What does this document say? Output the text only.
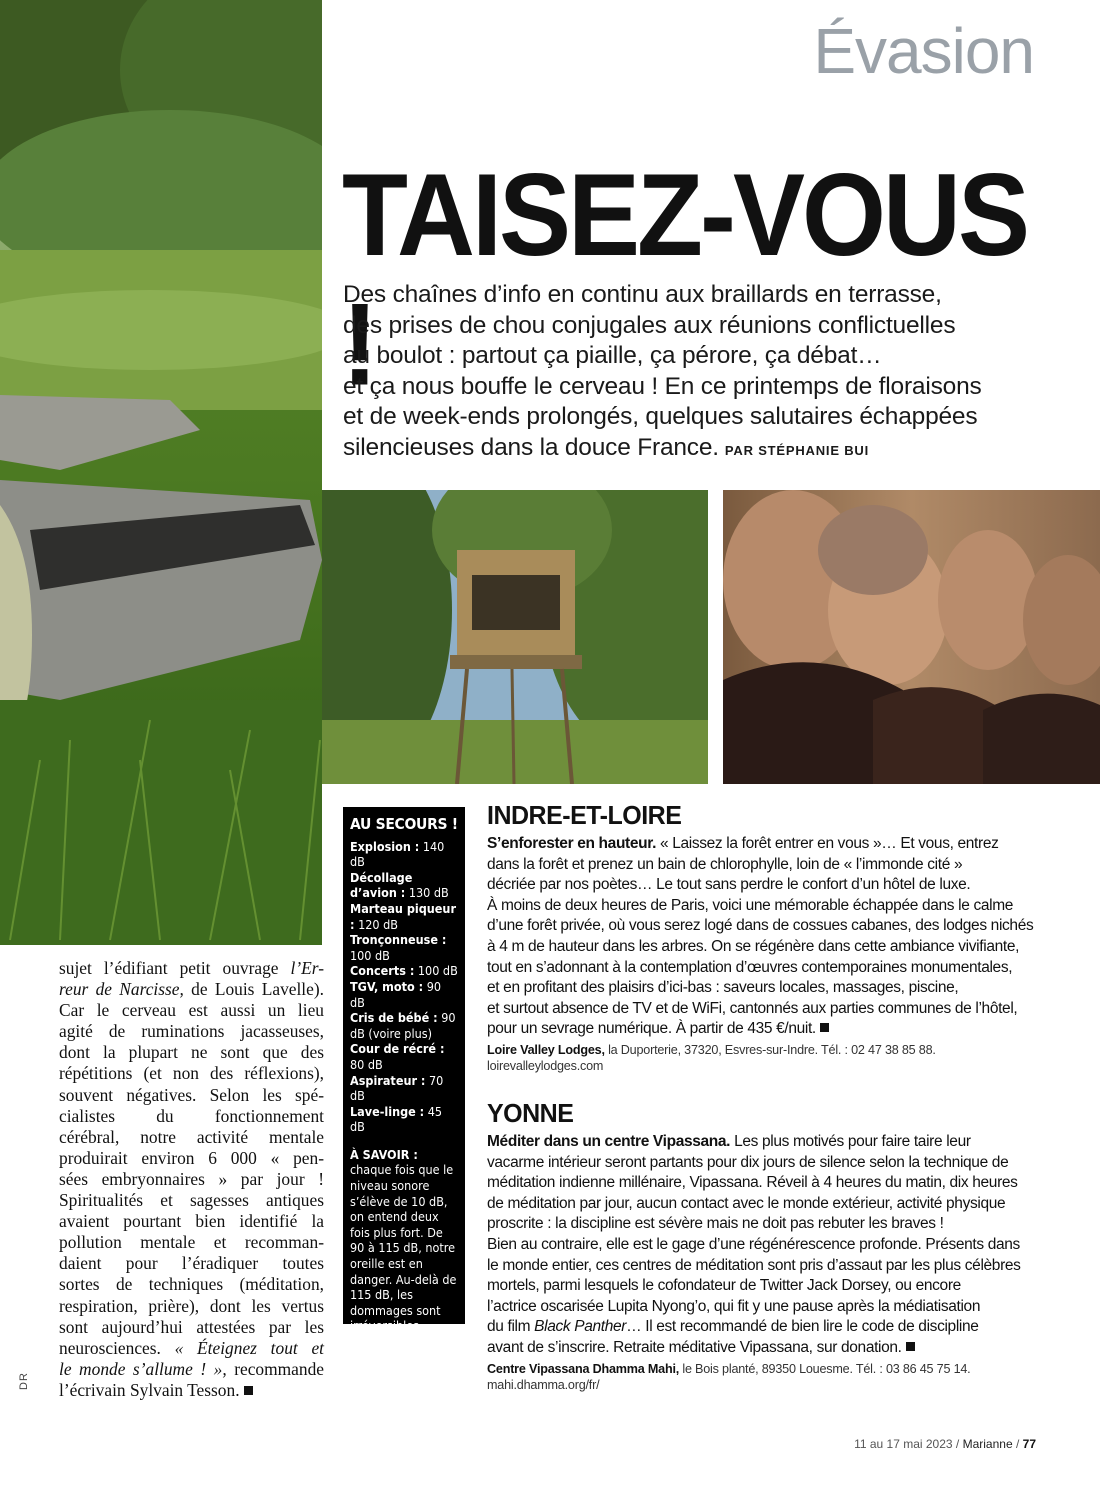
DR
Évasion
TAISEZ-VOUS !
Des chaînes d’info en continu aux braillards en terrasse,
des prises de chou conjugales aux réunions conflictuelles
au boulot : partout ça piaille, ça pérore, ça débat…
et ça nous bouffe le cerveau ! En ce printemps de floraisons
et de week-ends prolongés, quelques salutaires échappées
silencieuses dans la douce France. PAR STÉPHANIE BUI
sujet l’édifiant petit ouvrage l’Er-
reur de Narcisse, de Louis Lavelle).
Car le cerveau est aussi un lieu
agité de ruminations jacasseuses,
dont la plupart ne sont que des
répétitions (et non des réflexions),
souvent négatives. Selon les spé-
cialistes du fonctionnement
cérébral, notre activité mentale
produirait environ 6 000 « pen-
sées embryonnaires » par jour !
Spiritualités et sagesses antiques
avaient pourtant bien identifié la
pollution mentale et recomman-
daient pour l’éradiquer toutes
sortes de techniques (méditation,
respiration, prière), dont les vertus
sont aujourd’hui attestées par les
neurosciences. « Éteignez tout et
le monde s’allume ! », recommande
l’écrivain Sylvain Tesson.
AU SECOURS !
Explosion : 140 dB
Décollage d’avion : 130 dB
Marteau piqueur : 120 dB
Tronçonneuse : 100 dB
Concerts : 100 dB
TGV, moto : 90 dB
Cris de bébé : 90 dB (voire plus)
Cour de récré : 80 dB
Aspirateur : 70 dB
Lave-linge : 45 dB
À SAVOIR : chaque fois que le niveau sonore s’élève de 10 dB, on entend deux fois plus fort. De 90 à 115 dB, notre oreille est en danger. Au-delà de 115 dB, les dommages sont irréversibles.
INDRE-ET-LOIRE
S’enforester en hauteur. « Laissez la forêt entrer en vous »… Et vous, entrez
dans la forêt et prenez un bain de chlorophylle, loin de « l’immonde cité »
décriée par nos poètes… Le tout sans perdre le confort d’un hôtel de luxe.
À moins de deux heures de Paris, voici une mémorable échappée dans le calme
d’une forêt privée, où vous serez logé dans de cossues cabanes, des lodges nichés
à 4 m de hauteur dans les arbres. On se régénère dans cette ambiance vivifiante,
tout en s’adonnant à la contemplation d’œuvres contemporaines monumentales,
et en profitant des plaisirs d’ici-bas : saveurs locales, massages, piscine,
et surtout absence de TV et de WiFi, cantonnés aux parties communes de l’hôtel,
pour un sevrage numérique. À partir de 435 €/nuit.
Loire Valley Lodges, la Duporterie, 37320, Esvres-sur-Indre. Tél. : 02 47 38 85 88.
loirevalleylodges.com
YONNE
Méditer dans un centre Vipassana. Les plus motivés pour faire taire leur
vacarme intérieur seront partants pour dix jours de silence selon la technique de
méditation indienne millénaire, Vipassana. Réveil à 4 heures du matin, dix heures
de méditation par jour, aucun contact avec le monde extérieur, activité physique
proscrite : la discipline est sévère mais ne doit pas rebuter les braves !
Bien au contraire, elle est le gage d’une régénérescence profonde. Présents dans
le monde entier, ces centres de méditation sont pris d’assaut par les plus célèbres
mortels, parmi lesquels le cofondateur de Twitter Jack Dorsey, ou encore
l’actrice oscarisée Lupita Nyong’o, qui fit y une pause après la médiatisation
du film Black Panther… Il est recommandé de bien lire le code de discipline
avant de s’inscrire. Retraite méditative Vipassana, sur donation.
Centre Vipassana Dhamma Mahi, le Bois planté, 89350 Louesme. Tél. : 03 86 45 75 14.
mahi.dhamma.org/fr/
11 au 17 mai 2023 / Marianne / 77
